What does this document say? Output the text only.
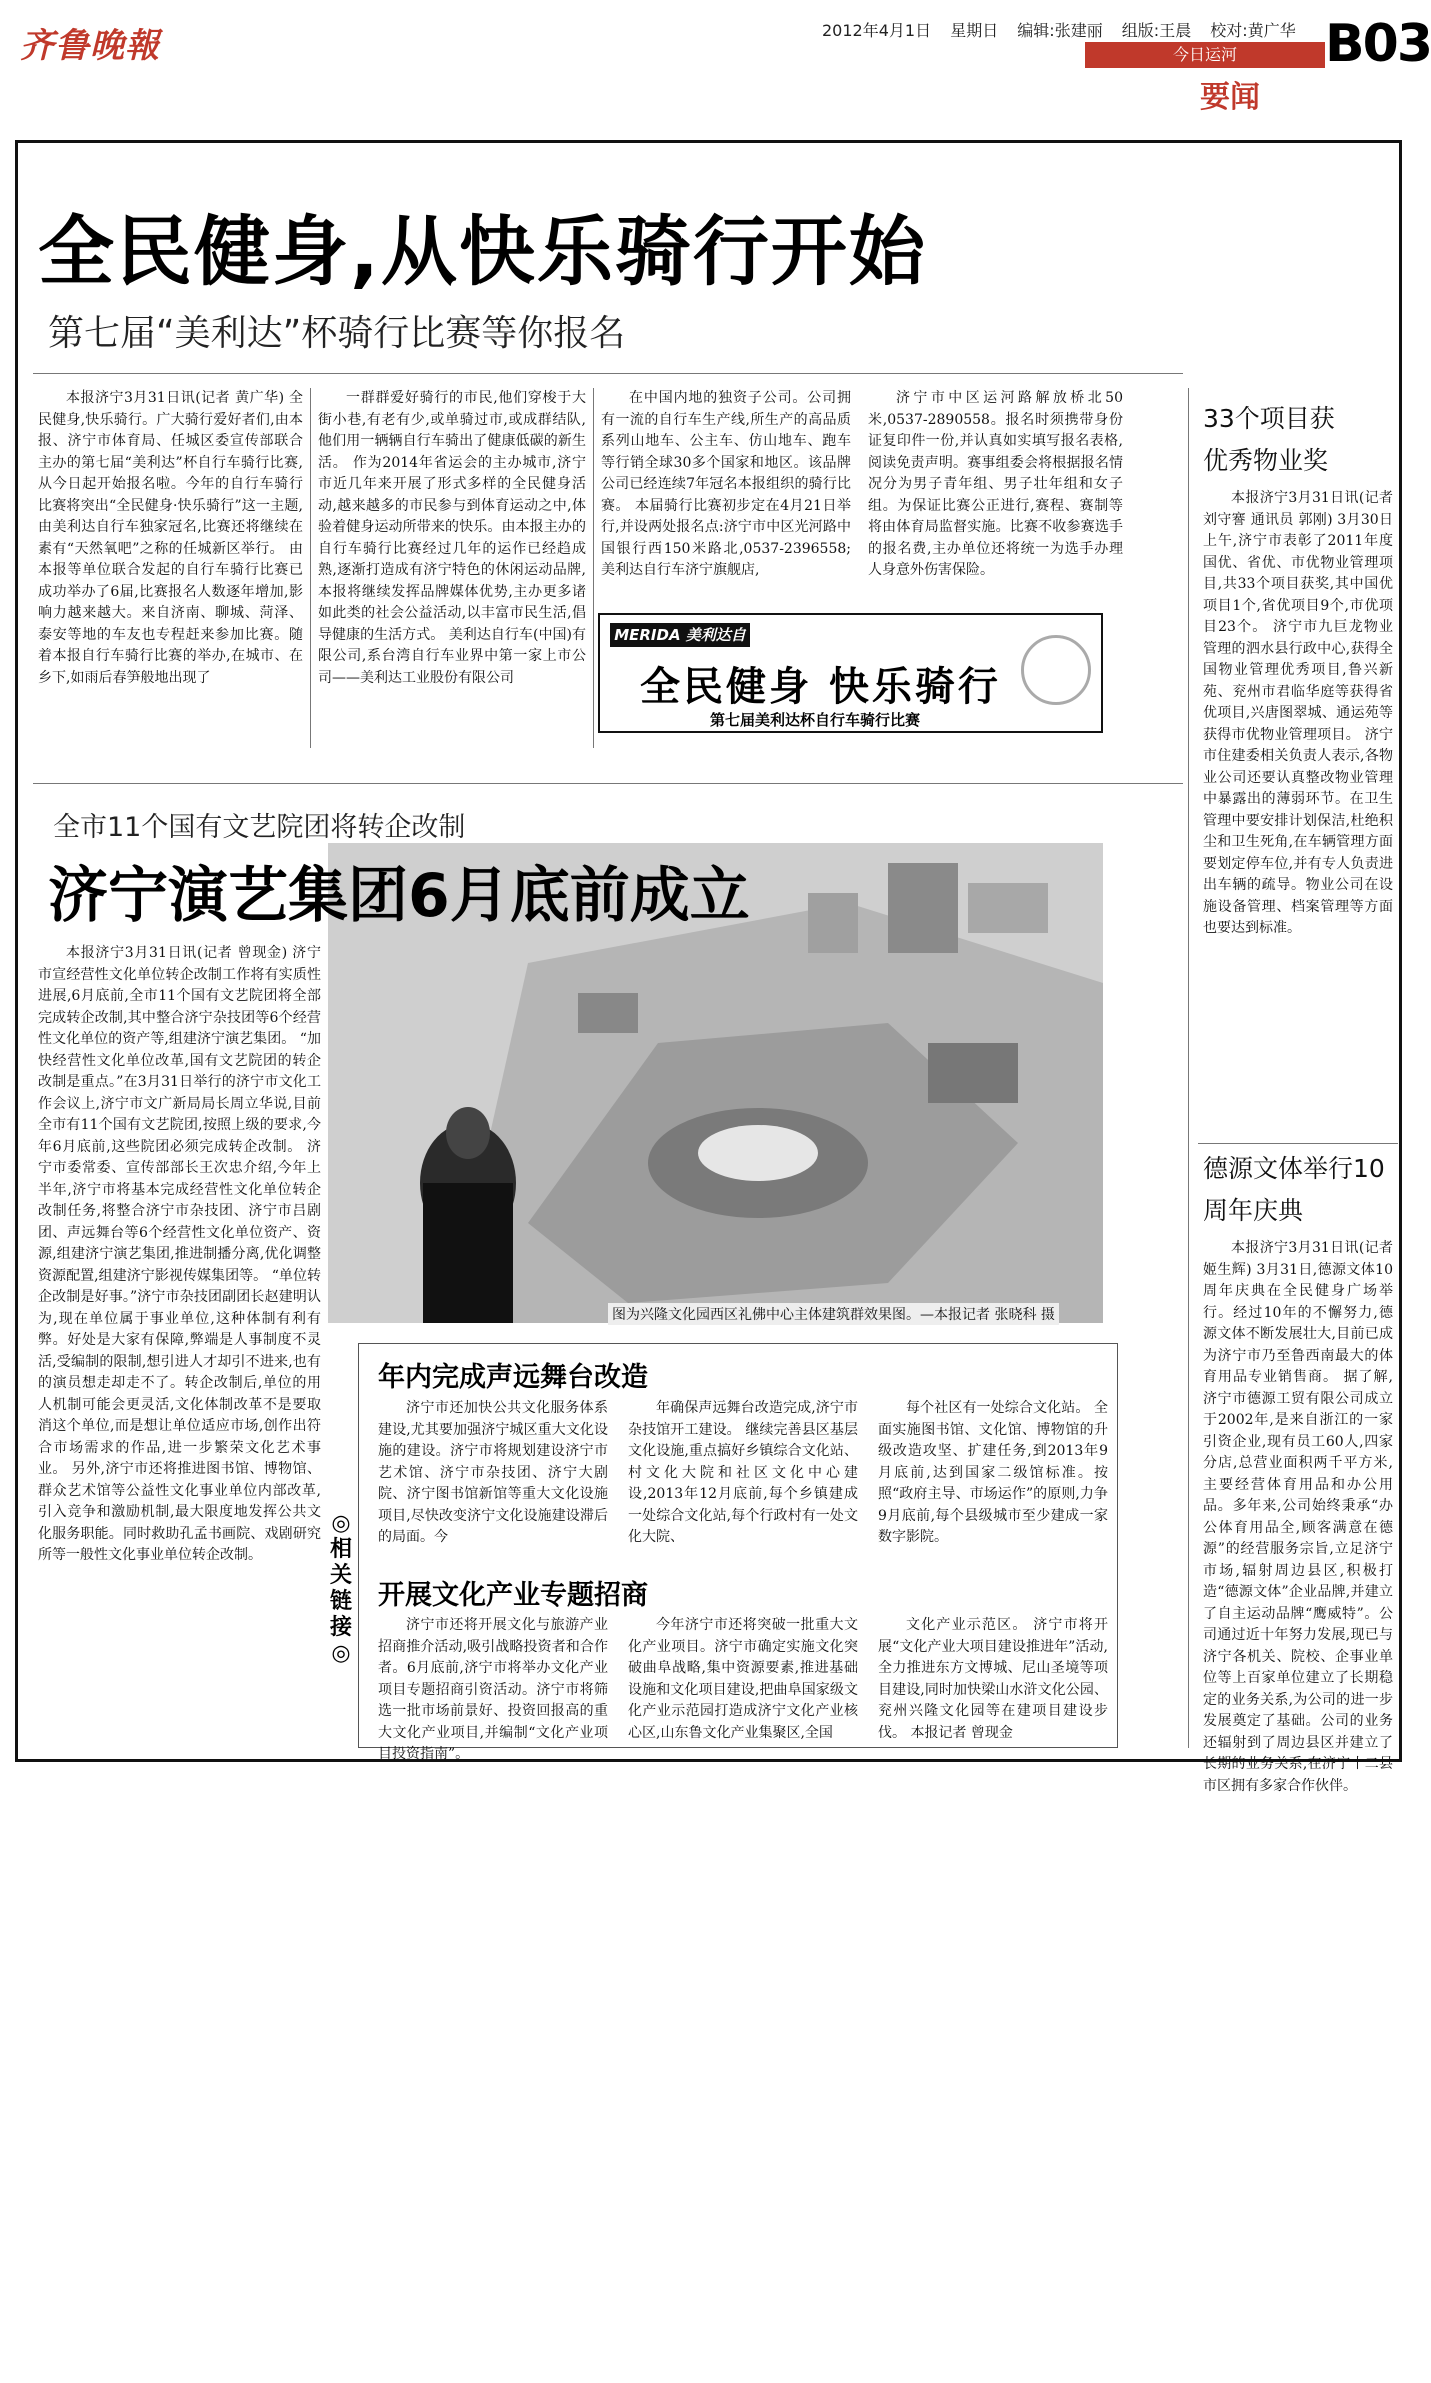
齐鲁晚報	2012年4月1日 星期日 编辑:张建丽 组版:王晨 校对:黄广华
今日运河
要闻
B03
全民健身,从快乐骑行开始
第七届“美利达”杯骑行比赛等你报名

本报济宁3月31日讯(记者 黄广华) 全民健身,快乐骑行。广大骑行爱好者们,由本报、济宁市体育局、任城区委宣传部联合主办的第七届“美利达”杯自行车骑行比赛,从今日起开始报名啦。今年的自行车骑行比赛将突出“全民健身·快乐骑行”这一主题,由美利达自行车独家冠名,比赛还将继续在素有“天然氧吧”之称的任城新区举行。 由本报等单位联合发起的自行车骑行比赛已成功举办了6届,比赛报名人数逐年增加,影响力越来越大。来自济南、聊城、菏泽、泰安等地的车友也专程赶来参加比赛。随着本报自行车骑行比赛的举办,在城市、在乡下,如雨后春笋般地出现了

一群群爱好骑行的市民,他们穿梭于大街小巷,有老有少,或单骑过市,或成群结队,他们用一辆辆自行车骑出了健康低碳的新生活。 作为2014年省运会的主办城市,济宁市近几年来开展了形式多样的全民健身活动,越来越多的市民参与到体育运动之中,体验着健身运动所带来的快乐。由本报主办的自行车骑行比赛经过几年的运作已经趋成熟,逐渐打造成有济宁特色的休闲运动品牌,本报将继续发挥品牌媒体优势,主办更多诸如此类的社会公益活动,以丰富市民生活,倡导健康的生活方式。 美利达自行车(中国)有限公司,系台湾自行车业界中第一家上市公司——美利达工业股份有限公司

在中国内地的独资子公司。公司拥有一流的自行车生产线,所生产的高品质系列山地车、公主车、仿山地车、跑车等行销全球30多个国家和地区。该品牌公司已经连续7年冠名本报组织的骑行比赛。 本届骑行比赛初步定在4月21日举行,并设两处报名点:济宁市中区光河路中国银行西150米路北,0537-2396558;美利达自行车济宁旗舰店,

济宁市中区运河路解放桥北50米,0537-2890558。报名时须携带身份证复印件一份,并认真如实填写报名表格,阅读免责声明。赛事组委会将根据报名情况分为男子青年组、男子壮年组和女子组。为保证比赛公正进行,赛程、赛制等将由体育局监督实施。比赛不收参赛选手的报名费,主办单位还将统一为选手办理人身意外伤害保险。

MERIDA 美利达自行车
全民健身 快乐骑行
第七届美利达杯自行车骑行比赛
全市11个国有文艺院团将转企改制
济宁演艺集团6月底前成立
图为兴隆文化园西区礼佛中心主体建筑群效果图。—本报记者 张晓科 摄

本报济宁3月31日讯(记者 曾现金) 济宁市宣经营性文化单位转企改制工作将有实质性进展,6月底前,全市11个国有文艺院团将全部完成转企改制,其中整合济宁杂技团等6个经营性文化单位的资产等,组建济宁演艺集团。 “加快经营性文化单位改革,国有文艺院团的转企改制是重点。”在3月31日举行的济宁市文化工作会议上,济宁市文广新局局长周立华说,目前全市有11个国有文艺院团,按照上级的要求,今年6月底前,这些院团必须完成转企改制。 济宁市委常委、宣传部部长王次忠介绍,今年上半年,济宁市将基本完成经营性文化单位转企改制任务,将整合济宁市杂技团、济宁市吕剧团、声远舞台等6个经营性文化单位资产、资源,组建济宁演艺集团,推进制播分离,优化调整资源配置,组建济宁影视传媒集团等。 “单位转企改制是好事。”济宁市杂技团副团长赵建明认为,现在单位属于事业单位,这种体制有利有弊。好处是大家有保障,弊端是人事制度不灵活,受编制的限制,想引进人才却引不进来,也有的演员想走却走不了。转企改制后,单位的用人机制可能会更灵活,文化体制改革不是要取消这个单位,而是想让单位适应市场,创作出符合市场需求的作品,进一步繁荣文化艺术事业。 另外,济宁市还将推进图书馆、博物馆、群众艺术馆等公益性文化事业单位内部改革,引入竞争和激励机制,最大限度地发挥公共文化服务职能。同时救助孔孟书画院、戏剧研究所等一般性文化事业单位转企改制。

◎相关链接◎
年内完成声远舞台改造

济宁市还加快公共文化服务体系建设,尤其要加强济宁城区重大文化设施的建设。济宁市将规划建设济宁市艺术馆、济宁市杂技团、济宁大剧院、济宁图书馆新馆等重大文化设施项目,尽快改变济宁文化设施建设滞后的局面。今

年确保声远舞台改造完成,济宁市杂技馆开工建设。 继续完善县区基层文化设施,重点搞好乡镇综合文化站、村文化大院和社区文化中心建设,2013年12月底前,每个乡镇建成一处综合文化站,每个行政村有一处文化大院、

每个社区有一处综合文化站。 全面实施图书馆、文化馆、博物馆的升级改造攻坚、扩建任务,到2013年9月底前,达到国家二级馆标准。按照“政府主导、市场运作”的原则,力争9月底前,每个县级城市至少建成一家数字影院。

开展文化产业专题招商

济宁市还将开展文化与旅游产业招商推介活动,吸引战略投资者和合作者。6月底前,济宁市将举办文化产业项目专题招商引资活动。济宁市将筛选一批市场前景好、投资回报高的重大文化产业项目,并编制“文化产业项目投资指南”。

今年济宁市还将突破一批重大文化产业项目。济宁市确定实施文化突破曲阜战略,集中资源要素,推进基础设施和文化项目建设,把曲阜国家级文化产业示范园打造成济宁文化产业核心区,山东鲁文化产业集聚区,全国

文化产业示范区。 济宁市将开展“文化产业大项目建设推进年”活动,全力推进东方文博城、尼山圣境等项目建设,同时加快梁山水浒文化公园、兖州兴隆文化园等在建项目建设步伐。 本报记者 曾现金

33个项目获优秀物业奖

本报济宁3月31日讯(记者 刘守謇 通讯员 郭刚) 3月30日上午,济宁市表彰了2011年度国优、省优、市优物业管理项目,共33个项目获奖,其中国优项目1个,省优项目9个,市优项目23个。 济宁市九巨龙物业管理的泗水县行政中心,获得全国物业管理优秀项目,鲁兴新苑、兖州市君临华庭等获得省优项目,兴唐图翠城、通运苑等获得市优物业管理项目。 济宁市住建委相关负责人表示,各物业公司还要认真整改物业管理中暴露出的薄弱环节。在卫生管理中要安排计划保洁,杜绝积尘和卫生死角,在车辆管理方面要划定停车位,并有专人负责进出车辆的疏导。物业公司在设施设备管理、档案管理等方面也要达到标准。

德源文体举行10周年庆典

本报济宁3月31日讯(记者 姬生辉) 3月31日,德源文体10周年庆典在全民健身广场举行。经过10年的不懈努力,德源文体不断发展壮大,目前已成为济宁市乃至鲁西南最大的体育用品专业销售商。 据了解,济宁市德源工贸有限公司成立于2002年,是来自浙江的一家引资企业,现有员工60人,四家分店,总营业面积两千平方米,主要经营体育用品和办公用品。多年来,公司始终秉承“办公体育用品全,顾客满意在德源”的经营服务宗旨,立足济宁市场,辐射周边县区,积极打造“德源文体”企业品牌,并建立了自主运动品牌“鹰威特”。公司通过近十年努力发展,现已与济宁各机关、院校、企事业单位等上百家单位建立了长期稳定的业务关系,为公司的进一步发展奠定了基础。公司的业务还辐射到了周边县区并建立了长期的业务关系,在济宁十二县市区拥有多家合作伙伴。
